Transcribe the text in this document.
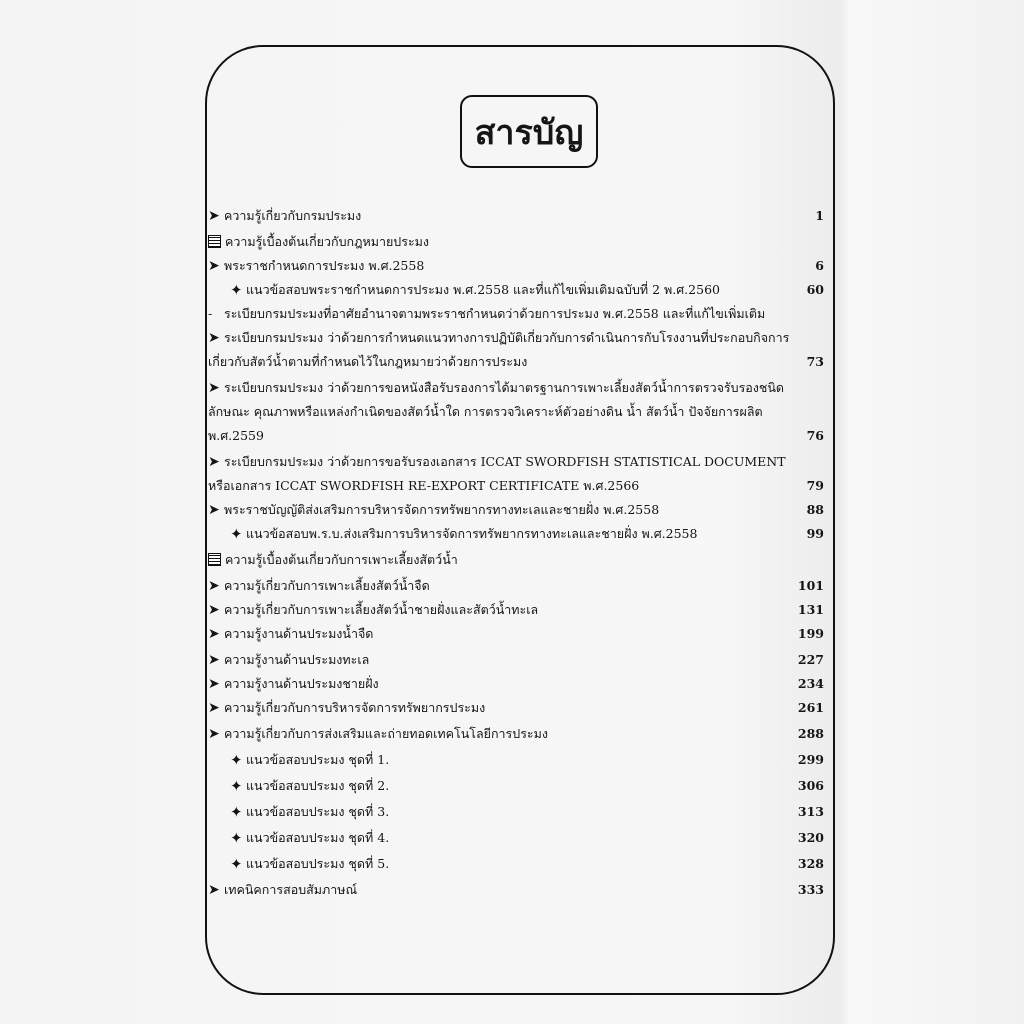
สารบัญ
➤ ความรู้เกี่ยวกับกรมประมง	1
ความรู้เบื้องต้นเกี่ยวกับกฎหมายประมง
➤ พระราชกำหนดการประมง พ.ศ.2558	6
✦ แนวข้อสอบพระราชกำหนดการประมง พ.ศ.2558 และที่แก้ไขเพิ่มเติมฉบับที่ 2 พ.ศ.2560	60
- ระเบียบกรมประมงที่อาศัยอำนาจตามพระราชกำหนดว่าด้วยการประมง พ.ศ.2558 และที่แก้ไขเพิ่มเติม
➤ ระเบียบกรมประมง ว่าด้วยการกำหนดแนวทางการปฏิบัติเกี่ยวกับการดำเนินการกับโรงงานที่ประกอบกิจการ
เกี่ยวกับสัตว์น้ำตามที่กำหนดไว้ในกฎหมายว่าด้วยการประมง	73
➤ ระเบียบกรมประมง ว่าด้วยการขอหนังสือรับรองการได้มาตรฐานการเพาะเลี้ยงสัตว์น้ำการตรวจรับรองชนิด
ลักษณะ คุณภาพหรือแหล่งกำเนิดของสัตว์น้ำใด การตรวจวิเคราะห์ตัวอย่างดิน น้ำ สัตว์น้ำ ปัจจัยการผลิต
พ.ศ.2559	76
➤ ระเบียบกรมประมง ว่าด้วยการขอรับรองเอกสาร ICCAT SWORDFISH STATISTICAL DOCUMENT
หรือเอกสาร ICCAT SWORDFISH RE-EXPORT CERTIFICATE พ.ศ.2566	79
➤ พระราชบัญญัติส่งเสริมการบริหารจัดการทรัพยากรทางทะเลและชายฝั่ง พ.ศ.2558	88
✦ แนวข้อสอบพ.ร.บ.ส่งเสริมการบริหารจัดการทรัพยากรทางทะเลและชายฝั่ง พ.ศ.2558	99
ความรู้เบื้องต้นเกี่ยวกับการเพาะเลี้ยงสัตว์น้ำ
➤ ความรู้เกี่ยวกับการเพาะเลี้ยงสัตว์น้ำจืด	101
➤ ความรู้เกี่ยวกับการเพาะเลี้ยงสัตว์น้ำชายฝั่งและสัตว์น้ำทะเล	131
➤ ความรู้งานด้านประมงน้ำจืด	199
➤ ความรู้งานด้านประมงทะเล	227
➤ ความรู้งานด้านประมงชายฝั่ง	234
➤ ความรู้เกี่ยวกับการบริหารจัดการทรัพยากรประมง	261
➤ ความรู้เกี่ยวกับการส่งเสริมและถ่ายทอดเทคโนโลยีการประมง	288
✦ แนวข้อสอบประมง ชุดที่ 1.	299
✦ แนวข้อสอบประมง ชุดที่ 2.	306
✦ แนวข้อสอบประมง ชุดที่ 3.	313
✦ แนวข้อสอบประมง ชุดที่ 4.	320
✦ แนวข้อสอบประมง ชุดที่ 5.	328
➤ เทคนิคการสอบสัมภาษณ์	333
